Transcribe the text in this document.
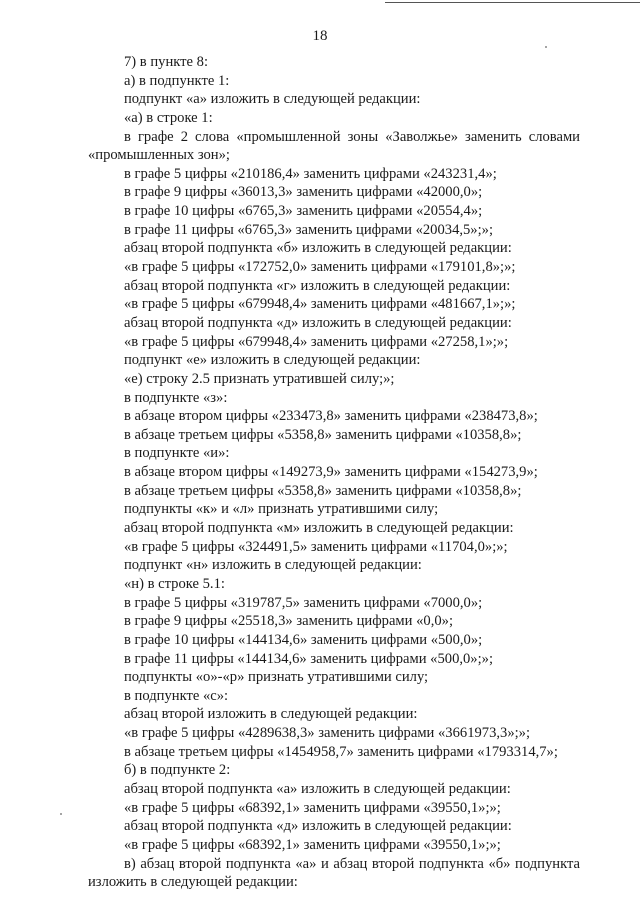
18
7) в пункте 8:
а) в подпункте 1:
подпункт «а» изложить в следующей редакции:
«а) в строке 1:
в графе 2 слова «промышленной зоны «Заволжье» заменить словами
«промышленных зон»;
в графе 5 цифры «210186,4» заменить цифрами «243231,4»;
в графе 9 цифры «36013,3» заменить цифрами «42000,0»;
в графе 10 цифры «6765,3» заменить цифрами «20554,4»;
в графе 11 цифры «6765,3» заменить цифрами «20034,5»;»;
абзац второй подпункта «б» изложить в следующей редакции:
«в графе 5 цифры «172752,0» заменить цифрами «179101,8»;»;
абзац второй подпункта «г» изложить в следующей редакции:
«в графе 5 цифры «679948,4» заменить цифрами «481667,1»;»;
абзац второй подпункта «д» изложить в следующей редакции:
«в графе 5 цифры «679948,4» заменить цифрами «27258,1»;»;
подпункт «е» изложить в следующей редакции:
«е) строку 2.5 признать утратившей силу;»;
в подпункте «з»:
в абзаце втором цифры «233473,8» заменить цифрами «238473,8»;
в абзаце третьем цифры «5358,8» заменить цифрами «10358,8»;
в подпункте «и»:
в абзаце втором цифры «149273,9» заменить цифрами «154273,9»;
в абзаце третьем цифры «5358,8» заменить цифрами «10358,8»;
подпункты «к» и «л» признать утратившими силу;
абзац второй подпункта «м» изложить в следующей редакции:
«в графе 5 цифры «324491,5» заменить цифрами «11704,0»;»;
подпункт «н» изложить в следующей редакции:
«н) в строке 5.1:
в графе 5 цифры «319787,5» заменить цифрами «7000,0»;
в графе 9 цифры «25518,3» заменить цифрами «0,0»;
в графе 10 цифры «144134,6» заменить цифрами «500,0»;
в графе 11 цифры «144134,6» заменить цифрами «500,0»;»;
подпункты «о»-«р» признать утратившими силу;
в подпункте «с»:
абзац второй изложить в следующей редакции:
«в графе 5 цифры «4289638,3» заменить цифрами «3661973,3»;»;
в абзаце третьем цифры «1454958,7» заменить цифрами «1793314,7»;
б) в подпункте 2:
абзац второй подпункта «а» изложить в следующей редакции:
«в графе 5 цифры «68392,1» заменить цифрами «39550,1»;»;
абзац второй подпункта «д» изложить в следующей редакции:
«в графе 5 цифры «68392,1» заменить цифрами «39550,1»;»;
в) абзац второй подпункта «а» и абзац второй подпункта «б» подпункта
изложить в следующей редакции:
